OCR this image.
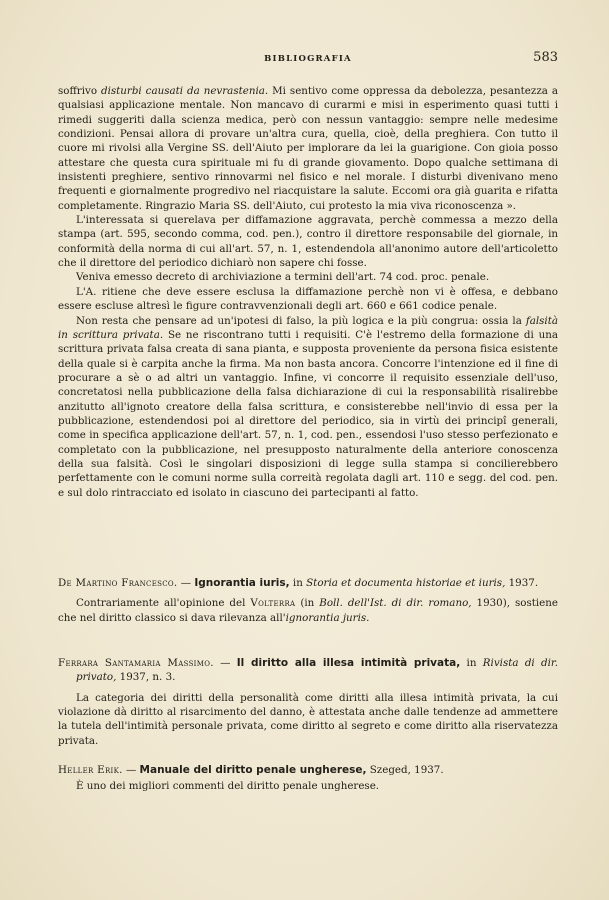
BIBLIOGRAFIA	583

soffrivo disturbi causati da nevrastenia. Mi sentivo come oppressa da debolezza, pesantezza a qualsiasi applicazione mentale. Non mancavo di curarmi e misi in esperimento quasi tutti i rimedi suggeriti dalla scienza medica, però con nessun vantaggio: sempre nelle medesime condizioni. Pensai allora di provare un'altra cura, quella, cioè, della preghiera. Con tutto il cuore mi rivolsi alla Vergine SS. dell'Aiuto per implorare da lei la guarigione. Con gioia posso attestare che questa cura spirituale mi fu di grande giovamento. Dopo qualche settimana di insistenti preghiere, sentivo rinnovarmi nel fisico e nel morale. I disturbi divenivano meno frequenti e giornalmente progredivo nel riacquistare la salute. Eccomi ora già guarita e rifatta completamente. Ringrazio Maria SS. dell'Aiuto, cui protesto la mia viva riconoscenza ».

L'interessata si querelava per diffamazione aggravata, perchè commessa a mezzo della stampa (art. 595, secondo comma, cod. pen.), contro il direttore responsabile del giornale, in conformità della norma di cui all'art. 57, n. 1, estendendola all'anonimo autore dell'articoletto che il direttore del periodico dichiarò non sapere chi fosse.

Veniva emesso decreto di archiviazione a termini dell'art. 74 cod. proc. penale.

L'A. ritiene che deve essere esclusa la diffamazione perchè non vi è offesa, e debbano essere escluse altresì le figure contravvenzionali degli art. 660 e 661 codice penale.

Non resta che pensare ad un'ipotesi di falso, la più logica e la più congrua: ossia la falsità in scrittura privata. Se ne riscontrano tutti i requisiti. C'è l'estremo della formazione di una scrittura privata falsa creata di sana pianta, e supposta proveniente da persona fisica esistente della quale si è carpita anche la firma. Ma non basta ancora. Concorre l'intenzione ed il fine di procurare a sè o ad altri un vantaggio. Infine, vi concorre il requisito essenziale dell'uso, concretatosi nella pubblicazione della falsa dichiarazione di cui la responsabilità risalirebbe anzitutto all'ignoto creatore della falsa scrittura, e consisterebbe nell'invio di essa per la pubblicazione, estendendosi poi al direttore del periodico, sia in virtù dei principî generali, come in specifica applicazione dell'art. 57, n. 1, cod. pen., essendosi l'uso stesso perfezionato e completato con la pubblicazione, nel presupposto naturalmente della anteriore conoscenza della sua falsità. Così le singolari disposizioni di legge sulla stampa si concilierebbero perfettamente con le comuni norme sulla correità regolata dagli art. 110 e segg. del cod. pen. e sul dolo rintracciato ed isolato in ciascuno dei partecipanti al fatto.

De Martino Francesco. — Ignorantia iuris, in Storia et documenta historiae et iuris, 1937.
Contrariamente all'opinione del Volterra (in Boll. dell'Ist. di dir. romano, 1930), sostiene che nel diritto classico si dava rilevanza all'ignorantia juris.
Ferrara Santamaria Massimo. — Il diritto alla illesa intimità privata, in Rivista di dir. privato, 1937, n. 3.
La categoria dei diritti della personalità come diritti alla illesa intimità privata, la cui violazione dà diritto al risarcimento del danno, è attestata anche dalle tendenze ad ammettere la tutela dell'intimità personale privata, come diritto al segreto e come diritto alla riservatezza privata.
Heller Erik. — Manuale del diritto penale ungherese, Szeged, 1937.
È uno dei migliori commenti del diritto penale ungherese.
